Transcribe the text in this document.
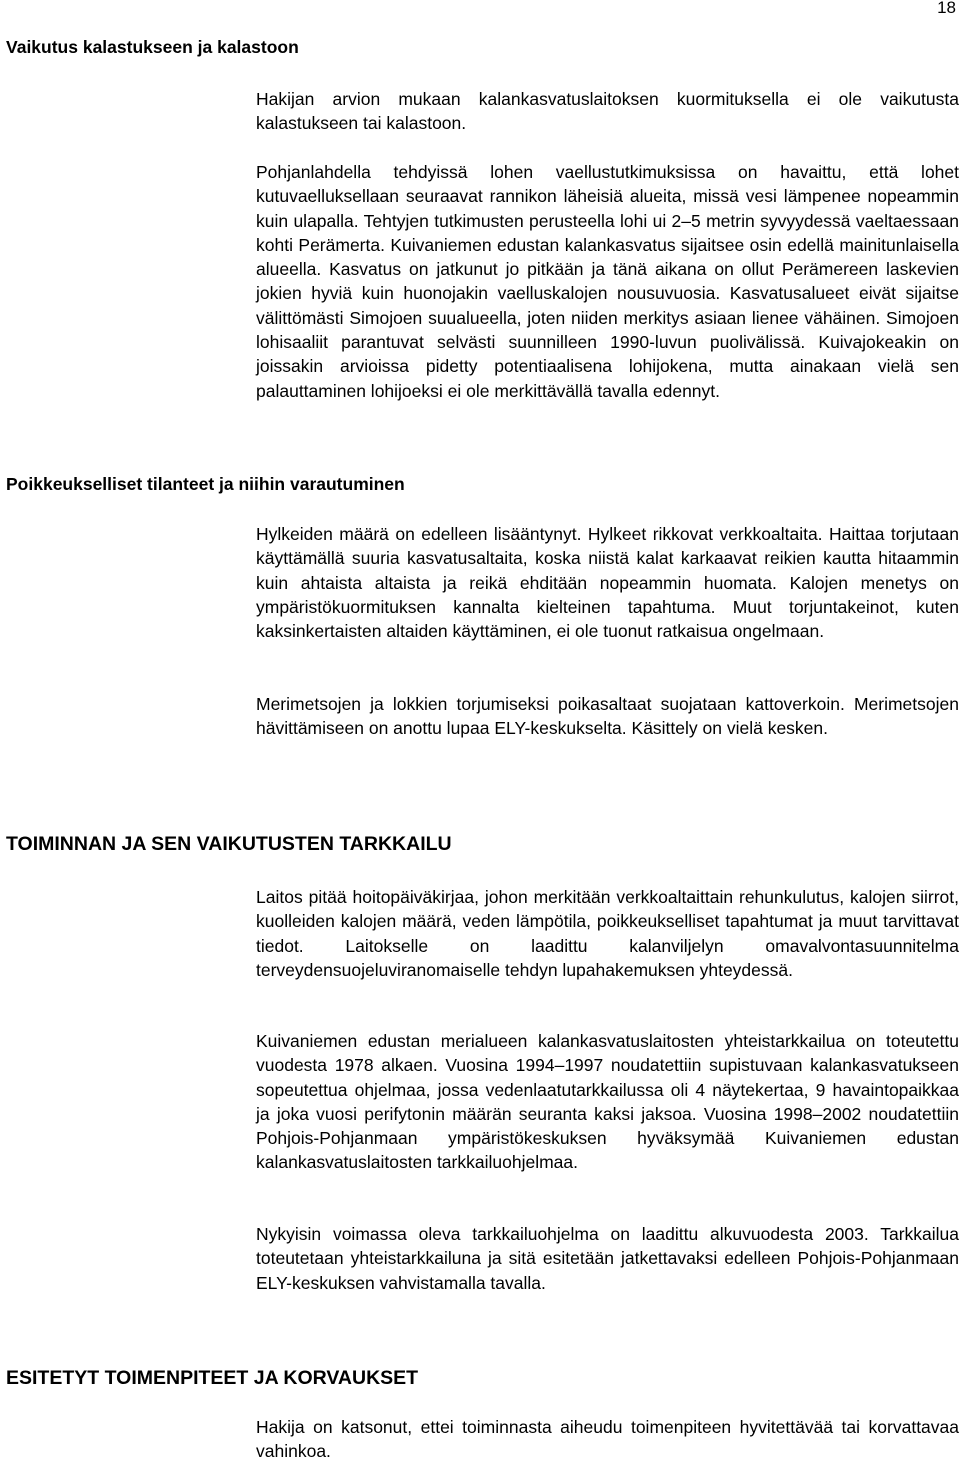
18
Vaikutus kalastukseen ja kalastoon

Hakijan arvion mukaan kalankasvatuslaitoksen kuormituksella ei ole vaikutusta kalastukseen tai kalastoon.

Pohjanlahdella tehdyissä lohen vaellustutkimuksissa on havaittu, että lohet kutuvaelluksellaan seuraavat rannikon läheisiä alueita, missä vesi lämpenee nopeammin kuin ulapalla. Tehtyjen tutkimusten perusteella lohi ui 2–5 metrin syvyydessä vaeltaessaan kohti Perämerta. Kuivaniemen edustan kalankasvatus sijaitsee osin edellä mainitunlaisella alueella. Kasvatus on jatkunut jo pitkään ja tänä aikana on ollut Perämereen laskevien jokien hyviä kuin huonojakin vaelluskalojen nousuvuosia. Kasvatusalueet eivät sijaitse välittömästi Simojoen suualueella, joten niiden merkitys asiaan lienee vähäinen. Simojoen lohisaaliit parantuvat selvästi suunnilleen 1990-luvun puolivälissä. Kuivajokeakin on joissakin arvioissa pidetty potentiaalisena lohijokena, mutta ainakaan vielä sen palauttaminen lohijoeksi ei ole merkittävällä tavalla edennyt.

Poikkeukselliset tilanteet ja niihin varautuminen

Hylkeiden määrä on edelleen lisääntynyt. Hylkeet rikkovat verkkoaltaita. Haittaa torjutaan käyttämällä suuria kasvatusaltaita, koska niistä kalat karkaavat reikien kautta hitaammin kuin ahtaista altaista ja reikä ehditään nopeammin huomata. Kalojen menetys on ympäristökuormituksen kannalta kielteinen tapahtuma. Muut torjuntakeinot, kuten kaksinkertaisten altaiden käyttäminen, ei ole tuonut ratkaisua ongelmaan.

Merimetsojen ja lokkien torjumiseksi poikasaltaat suojataan kattoverkoin. Merimetsojen hävittämiseen on anottu lupaa ELY-keskukselta. Käsittely on vielä kesken.

TOIMINNAN JA SEN VAIKUTUSTEN TARKKAILU

Laitos pitää hoitopäiväkirjaa, johon merkitään verkkoaltaittain rehunkulutus, kalojen siirrot, kuolleiden kalojen määrä, veden lämpötila, poikkeukselliset tapahtumat ja muut tarvittavat tiedot. Laitokselle on laadittu kalanviljelyn omavalvontasuunnitelma terveydensuojeluviranomaiselle tehdyn lupahakemuksen yhteydessä.

Kuivaniemen edustan merialueen kalankasvatuslaitosten yhteistarkkailua on toteutettu vuodesta 1978 alkaen. Vuosina 1994–1997 noudatettiin supistuvaan kalankasvatukseen sopeutettua ohjelmaa, jossa vedenlaatutarkkailussa oli 4 näytekertaa, 9 havaintopaikkaa ja joka vuosi perifytonin määrän seuranta kaksi jaksoa. Vuosina 1998–2002 noudatettiin Pohjois-Pohjanmaan ympäristökeskuksen hyväksymää Kuivaniemen edustan kalankasvatuslaitosten tarkkailuohjelmaa.

Nykyisin voimassa oleva tarkkailuohjelma on laadittu alkuvuodesta 2003. Tarkkailua toteutetaan yhteistarkkailuna ja sitä esitetään jatkettavaksi edelleen Pohjois-Pohjanmaan ELY-keskuksen vahvistamalla tavalla.

ESITETYT TOIMENPITEET JA KORVAUKSET

Hakija on katsonut, ettei toiminnasta aiheudu toimenpiteen hyvitettävää tai korvattavaa vahinkoa.
